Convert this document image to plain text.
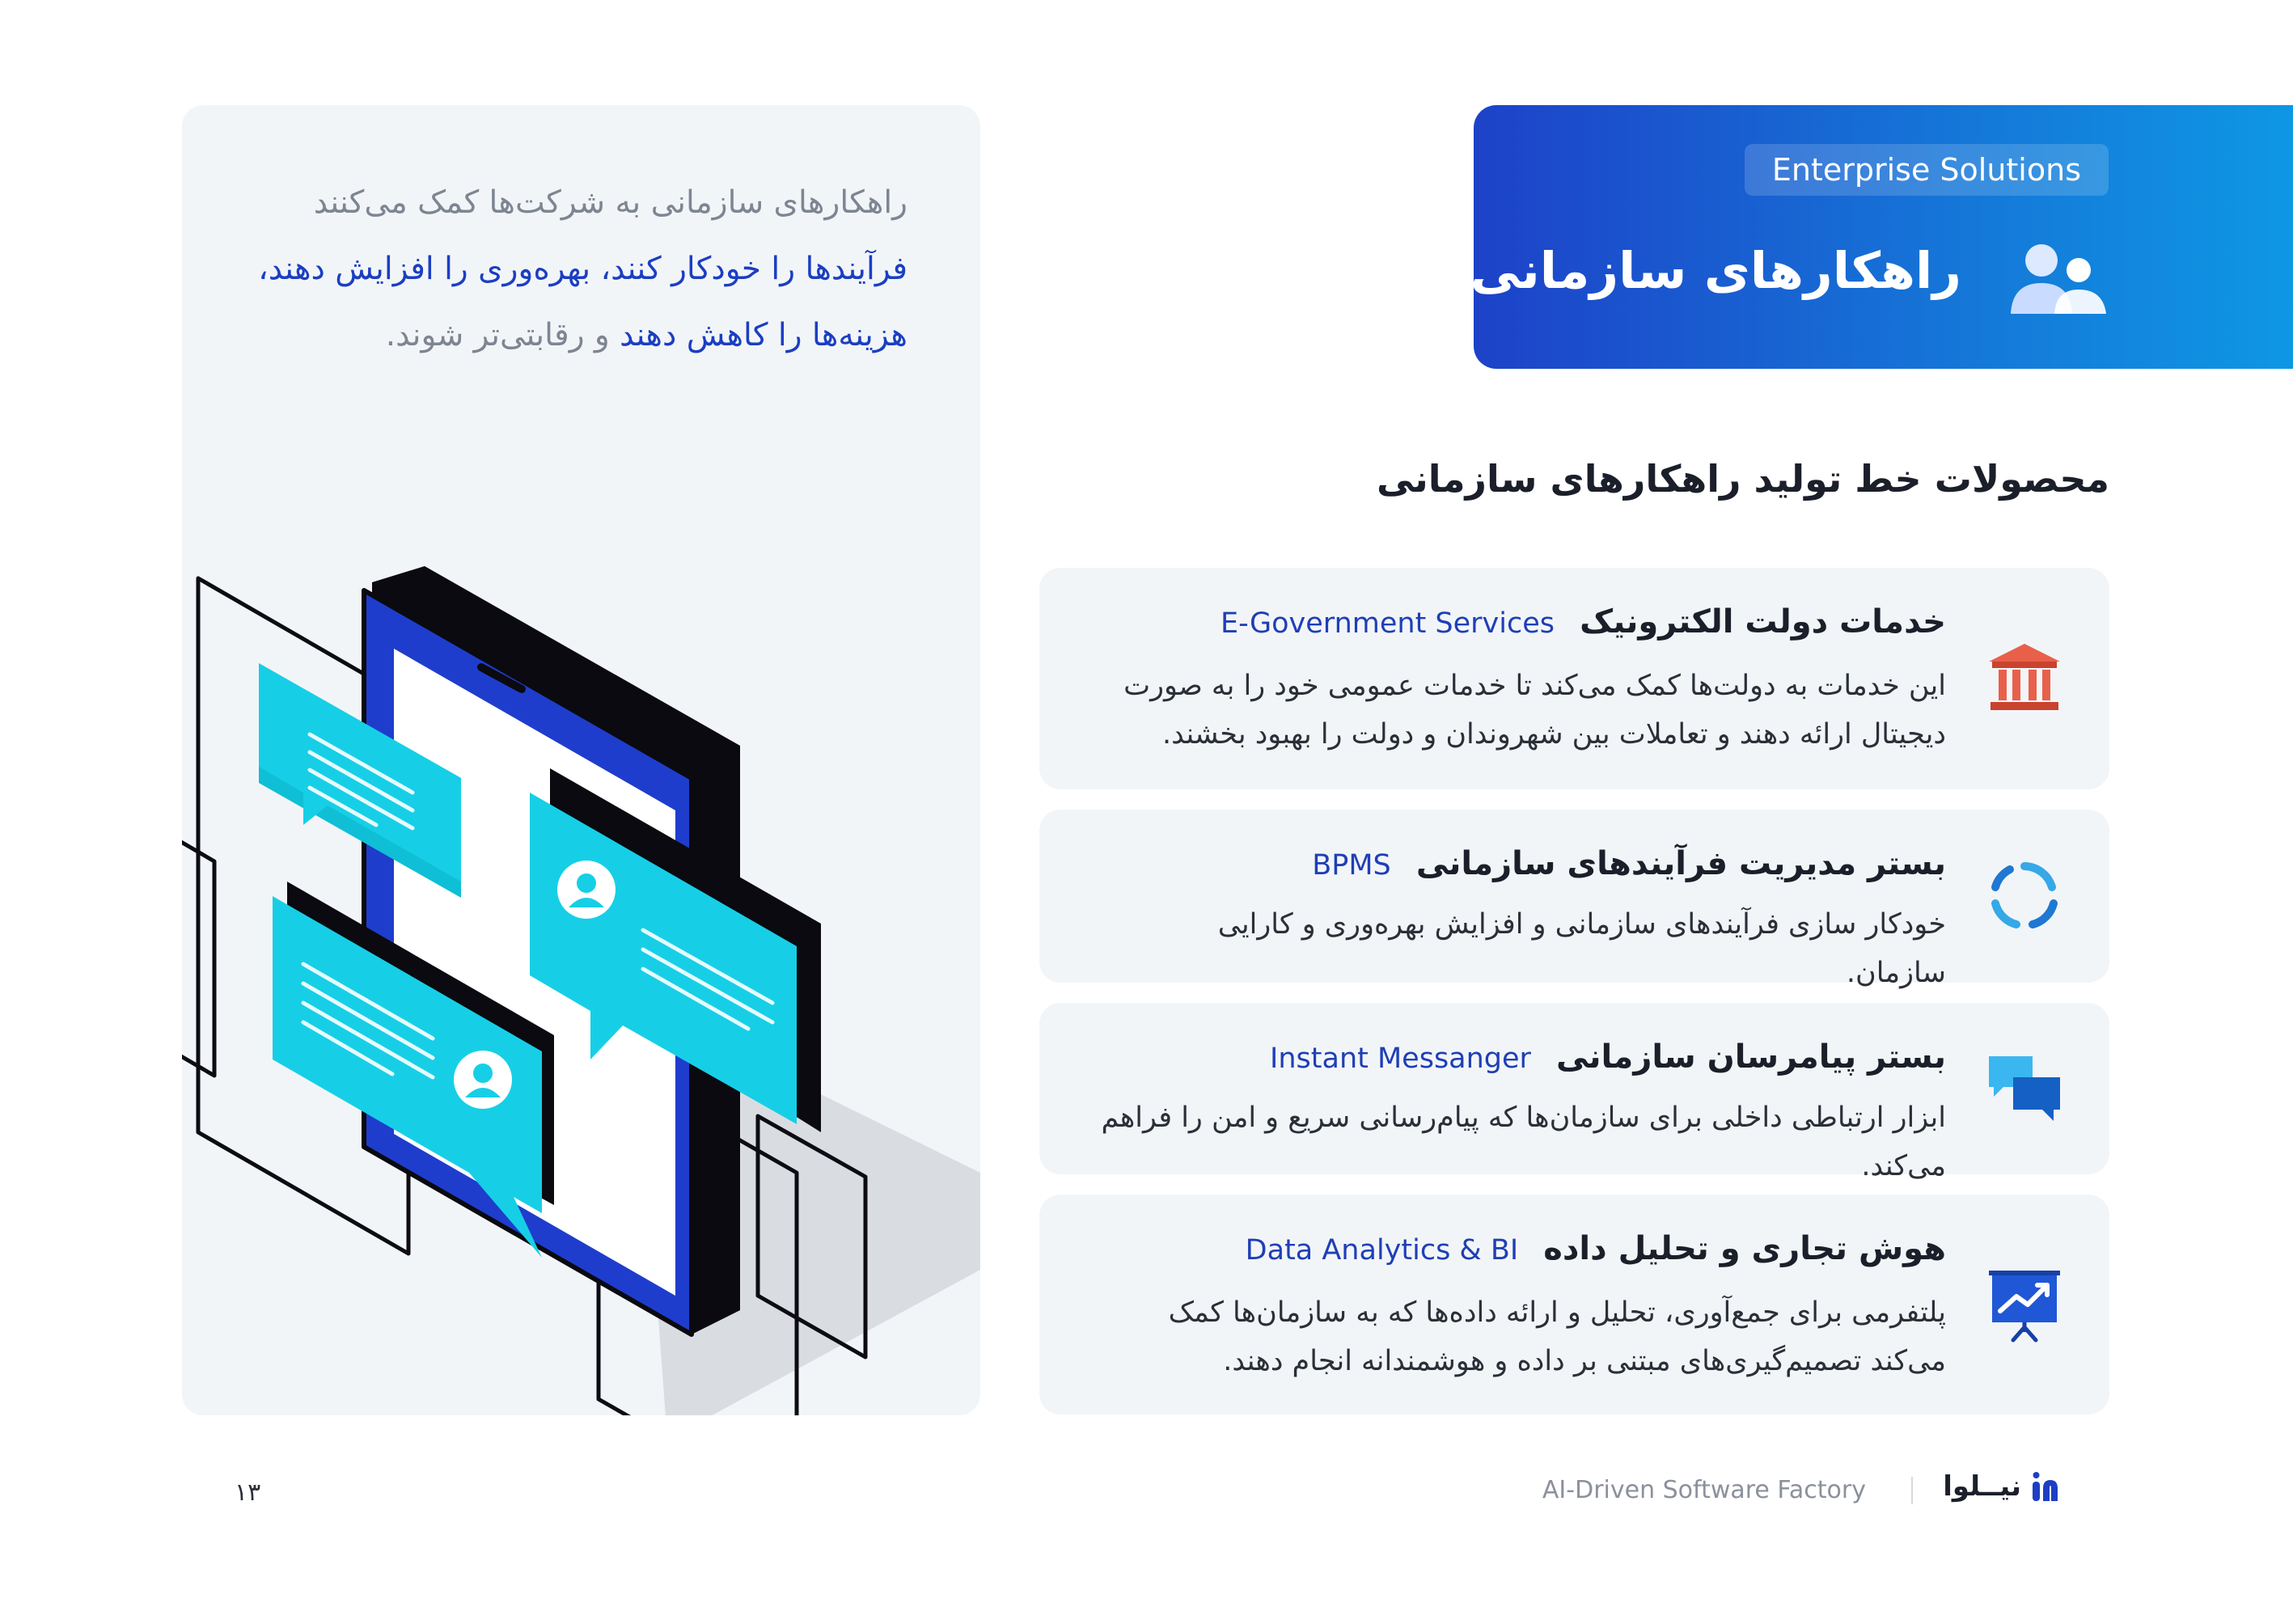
راهکارهای سازمانی به شرکت‌ها کمک می‌کنند
فرآیندها را خودکار کنند، بهره‌وری را افزایش دهند،
هزینه‌ها را کاهش دهند و رقابتی‌تر شوند.
Enterprise Solutions
راهکارهای سازمانی
محصولات خط تولید راهکارهای سازمانی
خدمات دولت الکترونیک E-Government Services
این خدمات به دولت‌ها کمک می‌کند تا خدمات عمومی خود را به صورت دیجیتال ارائه دهند و تعاملات بین شهروندان و دولت را بهبود بخشند.
بستر مدیریت فرآیندهای سازمانی BPMS
خودکار سازی فرآیندهای سازمانی و افزایش بهره‌وری و کارایی سازمان.
بستر پیامرسان سازمانی Instant Messanger
ابزار ارتباطی داخلی برای سازمان‌ها که پیام‌رسانی سریع و امن را فراهم می‌کند.
هوش تجاری و تحلیل داده Data Analytics & BI
پلتفرمی برای جمع‌آوری، تحلیل و ارائه داده‌ها که به سازمان‌ها کمک می‌کند تصمیم‌گیری‌های مبتنی بر داده و هوشمندانه انجام دهند.
۱۳	AI-Driven Software Factory	نیــلوا
